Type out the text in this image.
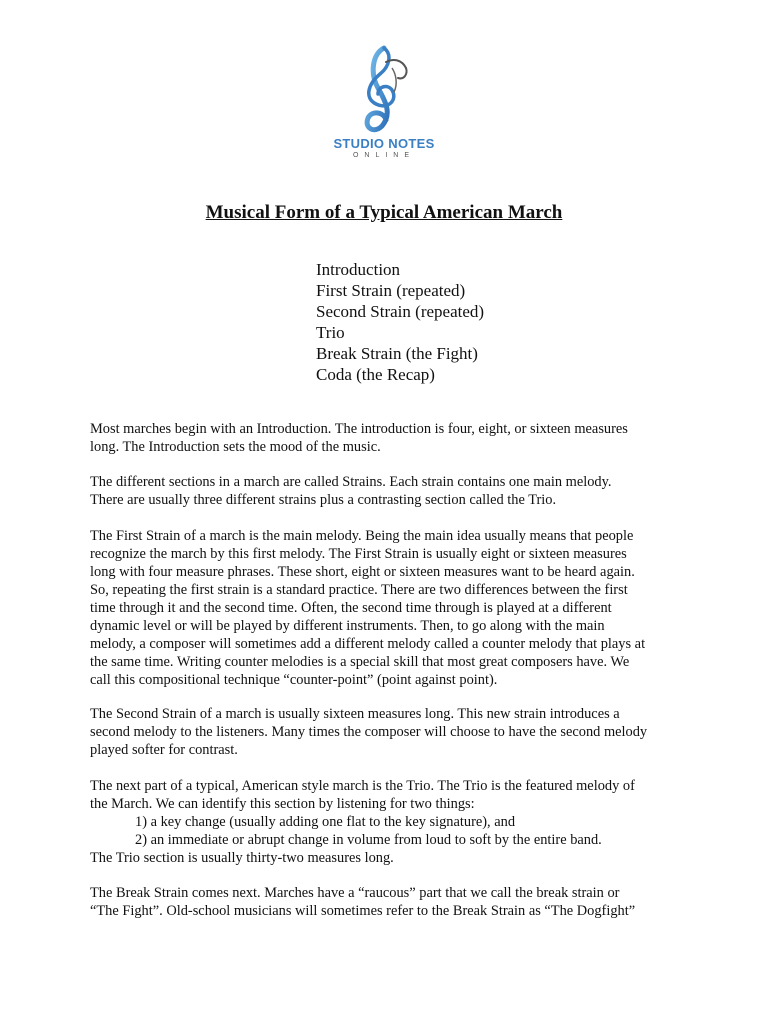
STUDIO NOTES
ONLINE
Musical Form of a Typical American March
Introduction
First Strain (repeated)
Second Strain (repeated)
Trio
Break Strain (the Fight)
Coda (the Recap)
Most marches begin with an Introduction. The introduction is four, eight, or sixteen measures
long. The Introduction sets the mood of the music.
The different sections in a march are called Strains. Each strain contains one main melody.
There are usually three different strains plus a contrasting section called the Trio.
The First Strain of a march is the main melody. Being the main idea usually means that people
recognize the march by this first melody. The First Strain is usually eight or sixteen measures
long with four measure phrases. These short, eight or sixteen measures want to be heard again.
So, repeating the first strain is a standard practice. There are two differences between the first
time through it and the second time. Often, the second time through is played at a different
dynamic level or will be played by different instruments. Then, to go along with the main
melody, a composer will sometimes add a different melody called a counter melody that plays at
the same time. Writing counter melodies is a special skill that most great composers have. We
call this compositional technique “counter-point” (point against point).
The Second Strain of a march is usually sixteen measures long. This new strain introduces a
second melody to the listeners. Many times the composer will choose to have the second melody
played softer for contrast.
The next part of a typical, American style march is the Trio. The Trio is the featured melody of
the March. We can identify this section by listening for two things:
1) a key change (usually adding one flat to the key signature), and
2) an immediate or abrupt change in volume from loud to soft by the entire band.
The Trio section is usually thirty-two measures long.
The Break Strain comes next. Marches have a “raucous” part that we call the break strain or
“The Fight”. Old-school musicians will sometimes refer to the Break Strain as “The Dogfight”
